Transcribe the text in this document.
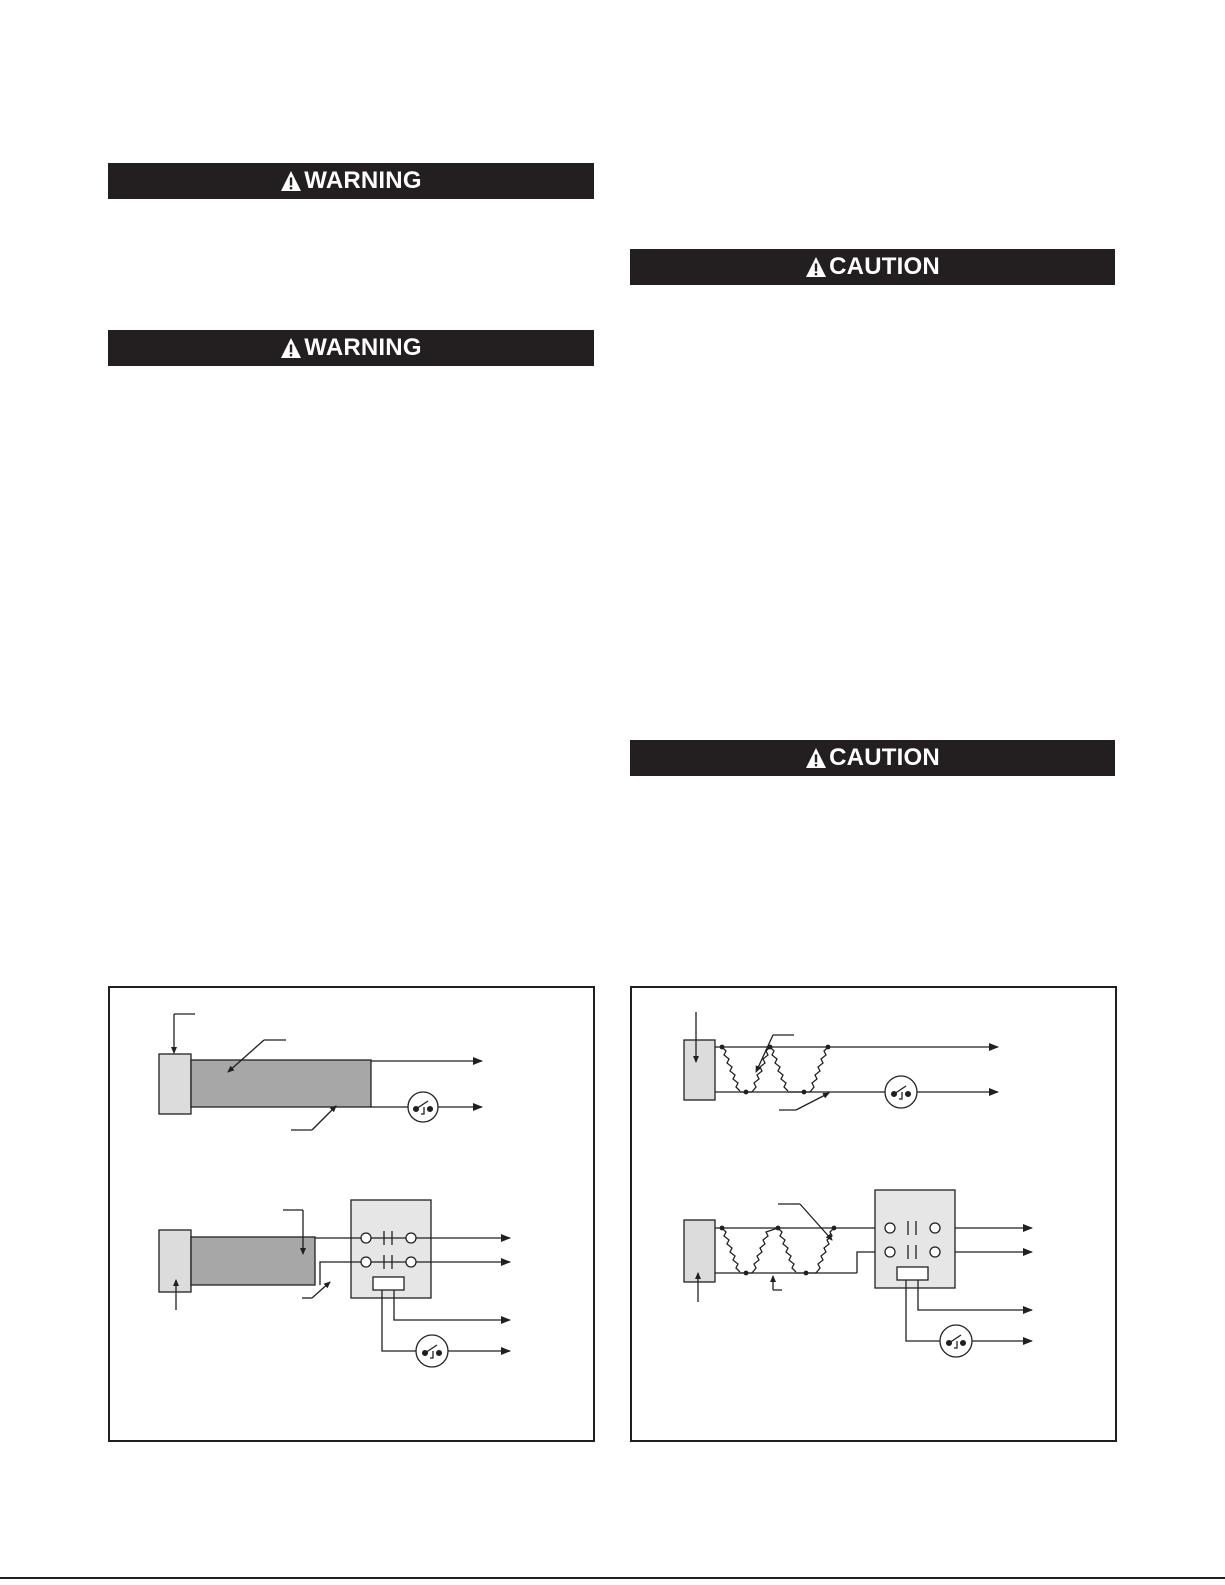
WARNING
WARNING
CAUTION
CAUTION
